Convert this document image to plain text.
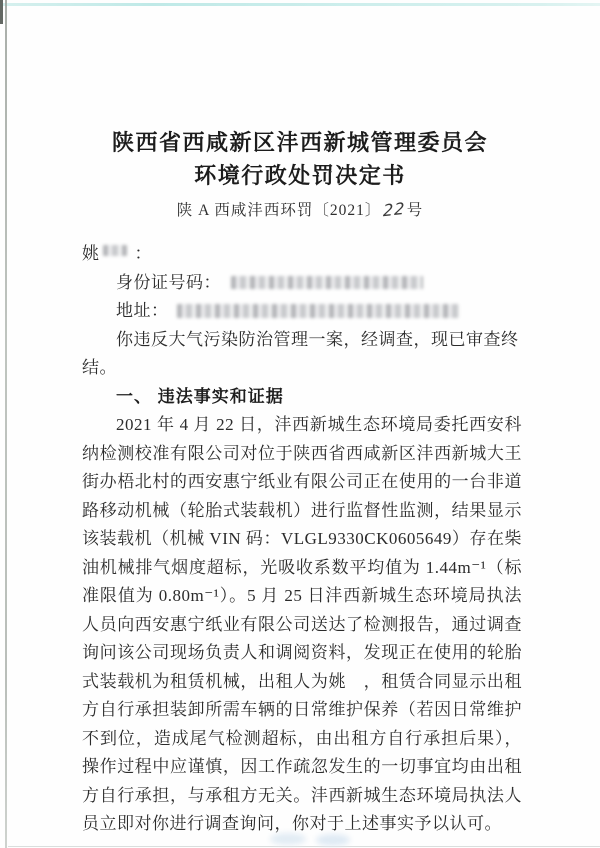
陕西省西咸新区沣西新城管理委员会
环境行政处罚决定书
陕 A 西咸沣西环罚〔2021〕 22号
姚 ：
身份证号码：
地址：
你违反大气污染防治管理一案，经调查，现已审查终结。
一、 违法事实和证据

2021 年 4 月 22 日，沣西新城生态环境局委托西安科纳检测校准有限公司对位于陕西省西咸新区沣西新城大王街办梧北村的西安惠宁纸业有限公司正在使用的一台非道路移动机械（轮胎式装载机）进行监督性监测，结果显示该装载机（机械 VIN 码：VLGL9330CK0605649）存在柴油机械排气烟度超标，光吸收系数平均值为 1.44m⁻¹（标准限值为 0.80m⁻¹）。5 月 25 日沣西新城生态环境局执法人员向西安惠宁纸业有限公司送达了检测报告，通过调查询问该公司现场负责人和调阅资料，发现正在使用的轮胎式装载机为租赁机械，出租人为姚　，租赁合同显示出租方自行承担装卸所需车辆的日常维护保养（若因日常维护不到位，造成尾气检测超标，由出租方自行承担后果），操作过程中应谨慎，因工作疏忽发生的一切事宜均由出租方自行承担，与承租方无关。沣西新城生态环境局执法人员立即对你进行调查询问，你对于上述事实予以认可。
